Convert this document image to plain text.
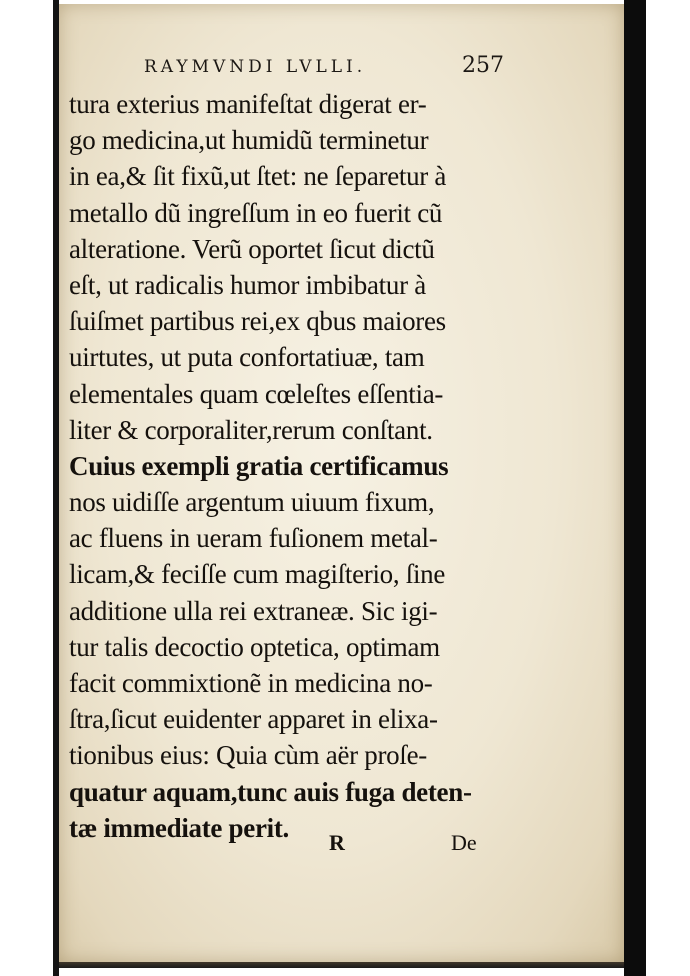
RAYMVNDI LVLLI.	257
tura exterius manifeſtat digerat er-
go medicina,ut humidũ terminetur
in ea,& ſit fixũ,ut ſtet: ne ſeparetur à
metallo dũ ingreſſum in eo fuerit cũ
alteratione. Verũ oportet ſicut dictũ
eſt, ut radicalis humor imbibatur à
ſuiſmet partibus rei,ex qbus maiores
uirtutes, ut puta confortatiuæ, tam
elementales quam cœleſtes eſſentia-
liter & corporaliter,rerum conſtant.
Cuius exempli gratia certificamus
nos uidiſſe argentum uiuum fixum,
ac fluens in ueram fuſionem metal-
licam,& feciſſe cum magiſterio, ſine
additione ulla rei extraneæ. Sic igi-
tur talis decoctio optetica, optimam
facit commixtionẽ in medicina no-
ſtra,ſicut euidenter apparet in elixa-
tionibus eius: Quia cùm aër proſe-
quatur aquam,tunc auis fuga deten-
tæ immediate perit.	R	De
